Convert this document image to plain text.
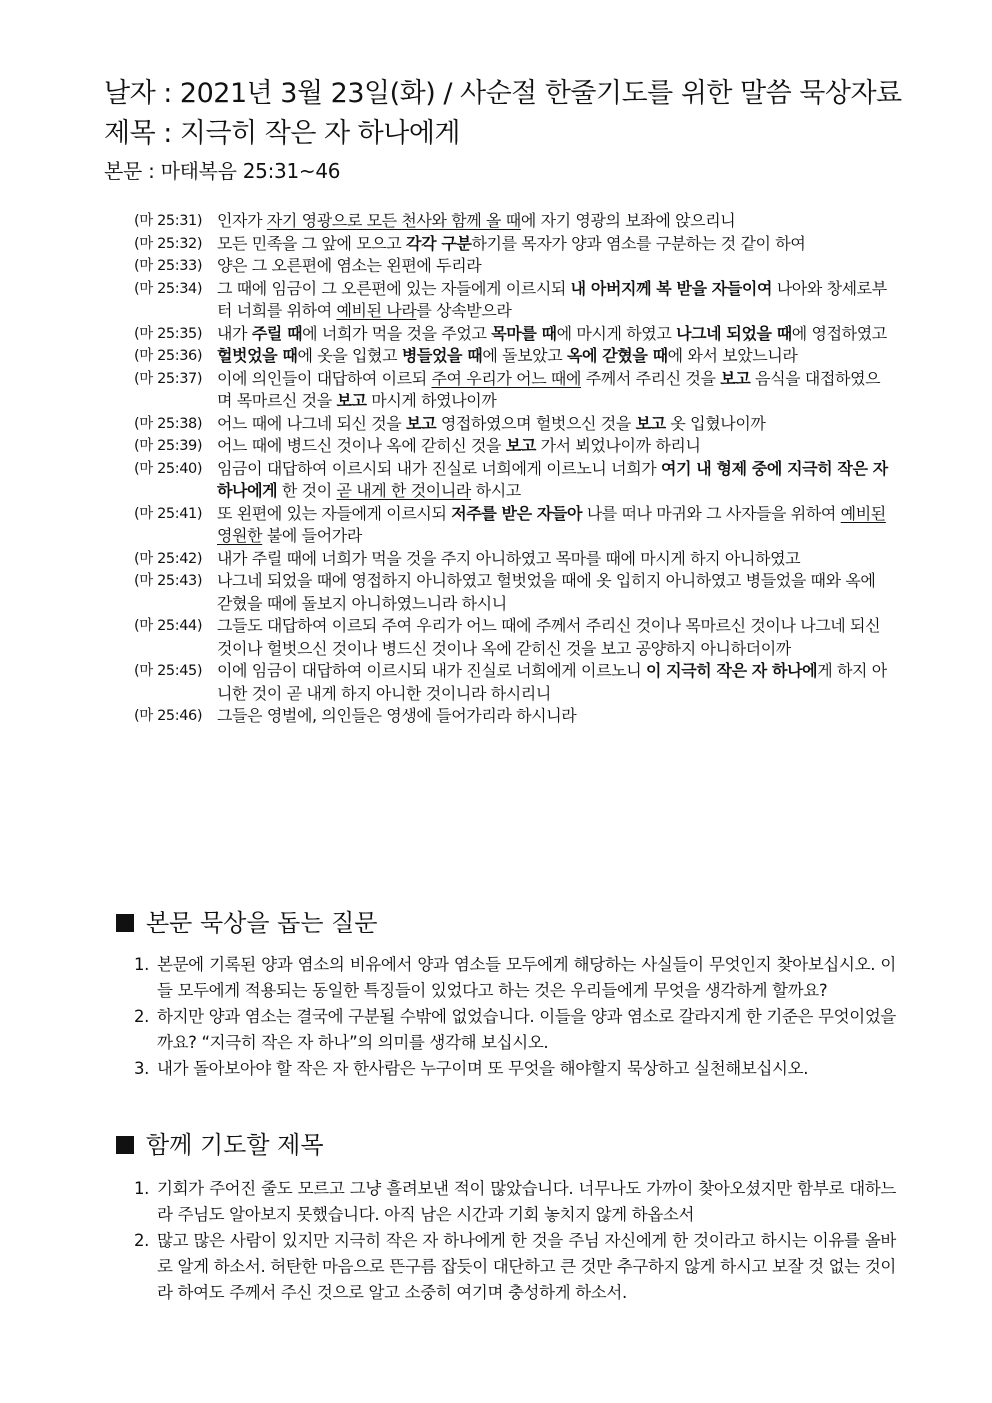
날자 : 2021년 3월 23일(화) / 사순절 한줄기도를 위한 말씀 묵상자료
제목 : 지극히 작은 자 하나에게
본문 : 마태복음 25:31~46
(마 25:31) 인자가 자기 영광으로 모든 천사와 함께 올 때에 자기 영광의 보좌에 앉으리니
(마 25:32) 모든 민족을 그 앞에 모으고 각각 구분하기를 목자가 양과 염소를 구분하는 것 같이 하여
(마 25:33) 양은 그 오른편에 염소는 왼편에 두리라
(마 25:34) 그 때에 임금이 그 오른편에 있는 자들에게 이르시되 내 아버지께 복 받을 자들이여 나아와 창세로부터 너희를 위하여 예비된 나라를 상속받으라
(마 25:35) 내가 주릴 때에 너희가 먹을 것을 주었고 목마를 때에 마시게 하였고 나그네 되었을 때에 영접하였고
(마 25:36) 헐벗었을 때에 옷을 입혔고 병들었을 때에 돌보았고 옥에 갇혔을 때에 와서 보았느니라
(마 25:37) 이에 의인들이 대답하여 이르되 주여 우리가 어느 때에 주께서 주리신 것을 보고 음식을 대접하였으며 목마르신 것을 보고 마시게 하였나이까
(마 25:38) 어느 때에 나그네 되신 것을 보고 영접하였으며 헐벗으신 것을 보고 옷 입혔나이까
(마 25:39) 어느 때에 병드신 것이나 옥에 갇히신 것을 보고 가서 뵈었나이까 하리니
(마 25:40) 임금이 대답하여 이르시되 내가 진실로 너희에게 이르노니 너희가 여기 내 형제 중에 지극히 작은 자 하나에게 한 것이 곧 내게 한 것이니라 하시고
(마 25:41) 또 왼편에 있는 자들에게 이르시되 저주를 받은 자들아 나를 떠나 마귀와 그 사자들을 위하여 예비된 영원한 불에 들어가라
(마 25:42) 내가 주릴 때에 너희가 먹을 것을 주지 아니하였고 목마를 때에 마시게 하지 아니하였고
(마 25:43) 나그네 되었을 때에 영접하지 아니하였고 헐벗었을 때에 옷 입히지 아니하였고 병들었을 때와 옥에 갇혔을 때에 돌보지 아니하였느니라 하시니
(마 25:44) 그들도 대답하여 이르되 주여 우리가 어느 때에 주께서 주리신 것이나 목마르신 것이나 나그네 되신 것이나 헐벗으신 것이나 병드신 것이나 옥에 갇히신 것을 보고 공양하지 아니하더이까
(마 25:45) 이에 임금이 대답하여 이르시되 내가 진실로 너희에게 이르노니 이 지극히 작은 자 하나에게 하지 아니한 것이 곧 내게 하지 아니한 것이니라 하시리니
(마 25:46) 그들은 영벌에, 의인들은 영생에 들어가리라 하시니라
본문 묵상을 돕는 질문
1. 본문에 기록된 양과 염소의 비유에서 양과 염소들 모두에게 해당하는 사실들이 무엇인지 찾아보십시오. 이들 모두에게 적용되는 동일한 특징들이 있었다고 하는 것은 우리들에게 무엇을 생각하게 할까요?
2. 하지만 양과 염소는 결국에 구분될 수밖에 없었습니다. 이들을 양과 염소로 갈라지게 한 기준은 무엇이었을까요? “지극히 작은 자 하나”의 의미를 생각해 보십시오.
3. 내가 돌아보아야 할 작은 자 한사람은 누구이며 또 무엇을 해야할지 묵상하고 실천해보십시오.
함께 기도할 제목
1. 기회가 주어진 줄도 모르고 그냥 흘려보낸 적이 많았습니다. 너무나도 가까이 찾아오셨지만 함부로 대하느라 주님도 알아보지 못했습니다. 아직 남은 시간과 기회 놓치지 않게 하옵소서
2. 많고 많은 사람이 있지만 지극히 작은 자 하나에게 한 것을 주님 자신에게 한 것이라고 하시는 이유를 올바로 알게 하소서. 허탄한 마음으로 뜬구름 잡듯이 대단하고 큰 것만 추구하지 않게 하시고 보잘 것 없는 것이라 하여도 주께서 주신 것으로 알고 소중히 여기며 충성하게 하소서.
